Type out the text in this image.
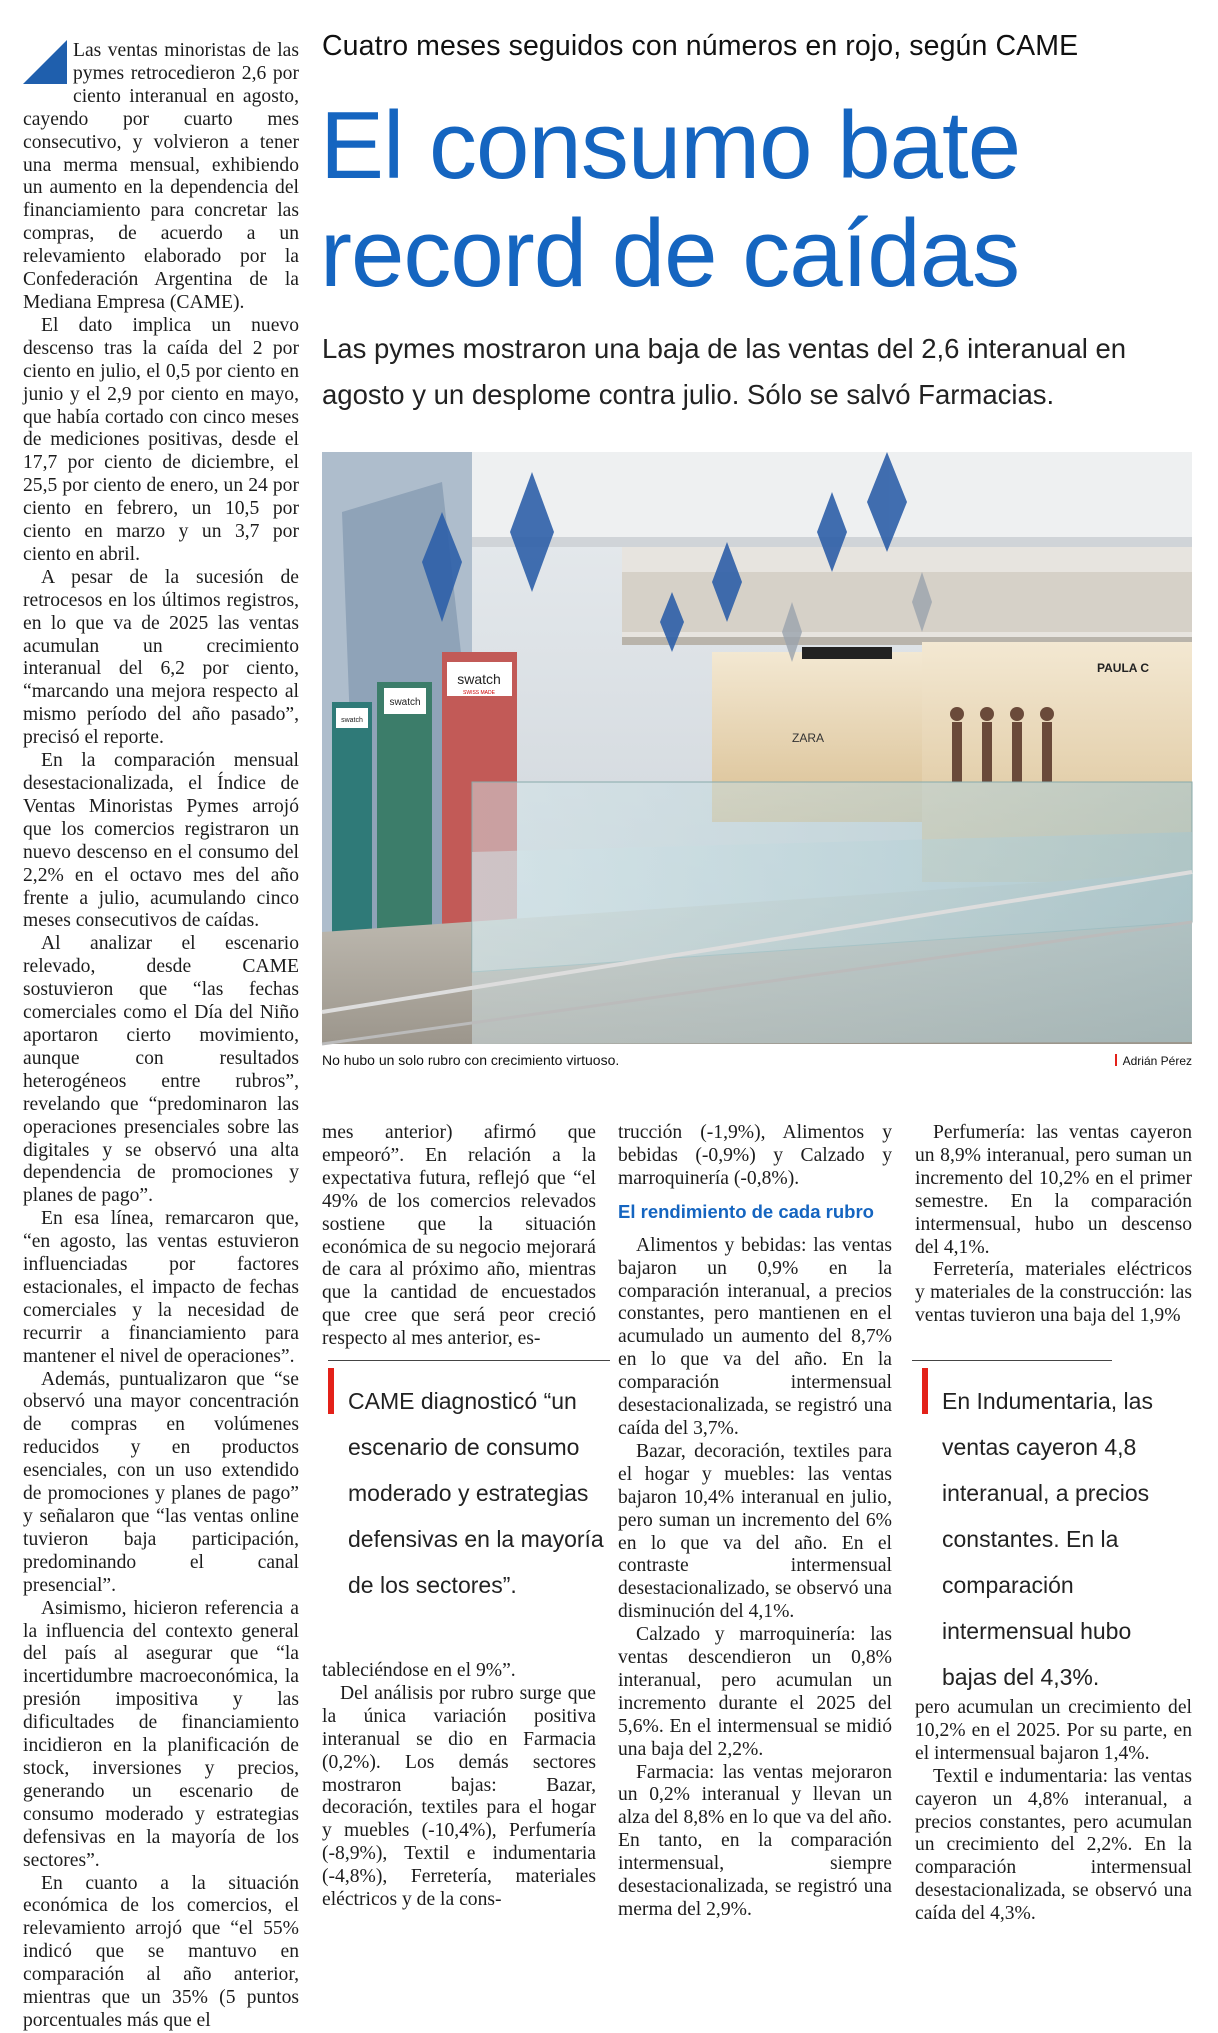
Las ventas minoristas de las pymes retrocedieron 2,6 por ciento interanual en agosto, cayendo por cuarto mes consecutivo, y volvieron a tener una merma mensual, exhibiendo un aumento en la dependencia del financiamiento para concretar las compras, de acuerdo a un relevamiento elaborado por la Confederación Argentina de la Mediana Empresa (CAME).

El dato implica un nuevo descenso tras la caída del 2 por ciento en julio, el 0,5 por ciento en junio y el 2,9 por ciento en mayo, que había cortado con cinco meses de mediciones positivas, desde el 17,7 por ciento de diciembre, el 25,5 por ciento de enero, un 24 por ciento en febrero, un 10,5 por ciento en marzo y un 3,7 por ciento en abril.

A pesar de la sucesión de retrocesos en los últimos registros, en lo que va de 2025 las ventas acumulan un crecimiento interanual del 6,2 por ciento, “marcando una mejora respecto al mismo período del año pasado”, precisó el reporte.

En la comparación mensual desestacionalizada, el Índice de Ventas Minoristas Pymes arrojó que los comercios registraron un nuevo descenso en el consumo del 2,2% en el octavo mes del año frente a julio, acumulando cinco meses consecutivos de caídas.

Al analizar el escenario relevado, desde CAME sostuvieron que “las fechas comerciales como el Día del Niño aportaron cierto movimiento, aunque con resultados heterogéneos entre rubros”, revelando que “predominaron las operaciones presenciales sobre las digitales y se observó una alta dependencia de promociones y planes de pago”.

En esa línea, remarcaron que, “en agosto, las ventas estuvieron influenciadas por factores estacionales, el impacto de fechas comerciales y la necesidad de recurrir a financiamiento para mantener el nivel de operaciones”.

Además, puntualizaron que “se observó una mayor concentración de compras en volúmenes reducidos y en productos esenciales, con un uso extendido de promociones y planes de pago” y señalaron que “las ventas online tuvieron baja participación, predominando el canal presencial”.

Asimismo, hicieron referencia a la influencia del contexto general del país al asegurar que “la incertidumbre macroeconómica, la presión impositiva y las dificultades de financiamiento incidieron en la planificación de stock, inversiones y precios, generando un escenario de consumo moderado y estrategias defensivas en la mayoría de los sectores”.

En cuanto a la situación económica de los comercios, el relevamiento arrojó que “el 55% indicó que se mantuvo en comparación al año anterior, mientras que un 35% (5 puntos porcentuales más que el

Cuatro meses seguidos con números en rojo, según CAME
El consumo bate record de caídas

Las pymes mostraron una baja de las ventas del 2,6 interanual en agosto y un desplome contra julio. Sólo se salvó Farmacias.

PAULA C
ZARA
swatch
SWISS MADE
swatch
swatch
No hubo un solo rubro con crecimiento virtuoso.	Adrián Pérez

mes anterior) afirmó que empeoró”. En relación a la expectativa futura, reflejó que “el 49% de los comercios relevados sostiene que la situación económica de su negocio mejorará de cara al próximo año, mientras que la cantidad de encuestados que cree que será peor creció respecto al mes anterior, es-

tableciéndose en el 9%”.

Del análisis por rubro surge que la única variación positiva interanual se dio en Farmacia (0,2%). Los demás sectores mostraron bajas: Bazar, decoración, textiles para el hogar y muebles (-10,4%), Perfumería (-8,9%), Textil e indumentaria (-4,8%), Ferretería, materiales eléctricos y de la cons-

trucción (-1,9%), Alimentos y bebidas (-0,9%) y Calzado y marroquinería (-0,8%).

El rendimiento de cada rubro

Alimentos y bebidas: las ventas bajaron un 0,9% en la comparación interanual, a precios constantes, pero mantienen en el acumulado un aumento del 8,7% en lo que va del año. En la comparación intermensual desestacionalizada, se registró una caída del 3,7%.

Bazar, decoración, textiles para el hogar y muebles: las ventas bajaron 10,4% interanual en julio, pero suman un incremento del 6% en lo que va del año. En el contraste intermensual desestacionalizado, se observó una disminución del 4,1%.

Calzado y marroquinería: las ventas descendieron un 0,8% interanual, pero acumulan un incremento durante el 2025 del 5,6%. En el intermensual se midió una baja del 2,2%.

Farmacia: las ventas mejoraron un 0,2% interanual y llevan un alza del 8,8% en lo que va del año. En tanto, en la comparación intermensual, siempre desestacionalizada, se registró una merma del 2,9%.

Perfumería: las ventas cayeron un 8,9% interanual, pero suman un incremento del 10,2% en el primer semestre. En la comparación intermensual, hubo un descenso del 4,1%.

Ferretería, materiales eléctricos y materiales de la construcción: las ventas tuvieron una baja del 1,9%

pero acumulan un crecimiento del 10,2% en el 2025. Por su parte, en el intermensual bajaron 1,4%.

Textil e indumentaria: las ventas cayeron un 4,8% interanual, a precios constantes, pero acumulan un crecimiento del 2,2%. En la comparación intermensual desestacionalizada, se observó una caída del 4,3%.

CAME diagnosticó “un escenario de consumo moderado y estrategias defensivas en la mayoría de los sectores”.
En Indumentaria, las ventas cayeron 4,8 interanual, a precios constantes. En la comparación intermensual hubo bajas del 4,3%.
